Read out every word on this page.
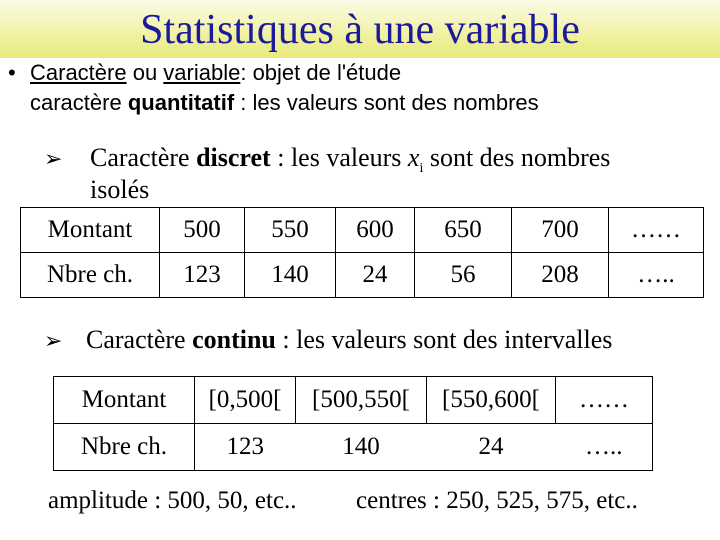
Statistiques à une variable
• Caractère ou variable: objet de l'étude
caractère quantitatif : les valeurs sont des nombres
➢ Caractère discret : les valeurs $x_i$ sont des nombres
isolés
Montant	500	550	600	650	700	……
Nbre ch.	123	140	24	56	208	…..
➢ Caractère continu : les valeurs sont des intervalles
Montant	[0,500[	[500,550[	[550,600[	……
Nbre ch.	123	140	24	…..
amplitude : 500, 50, etc.. centres : 250, 525, 575, etc..
